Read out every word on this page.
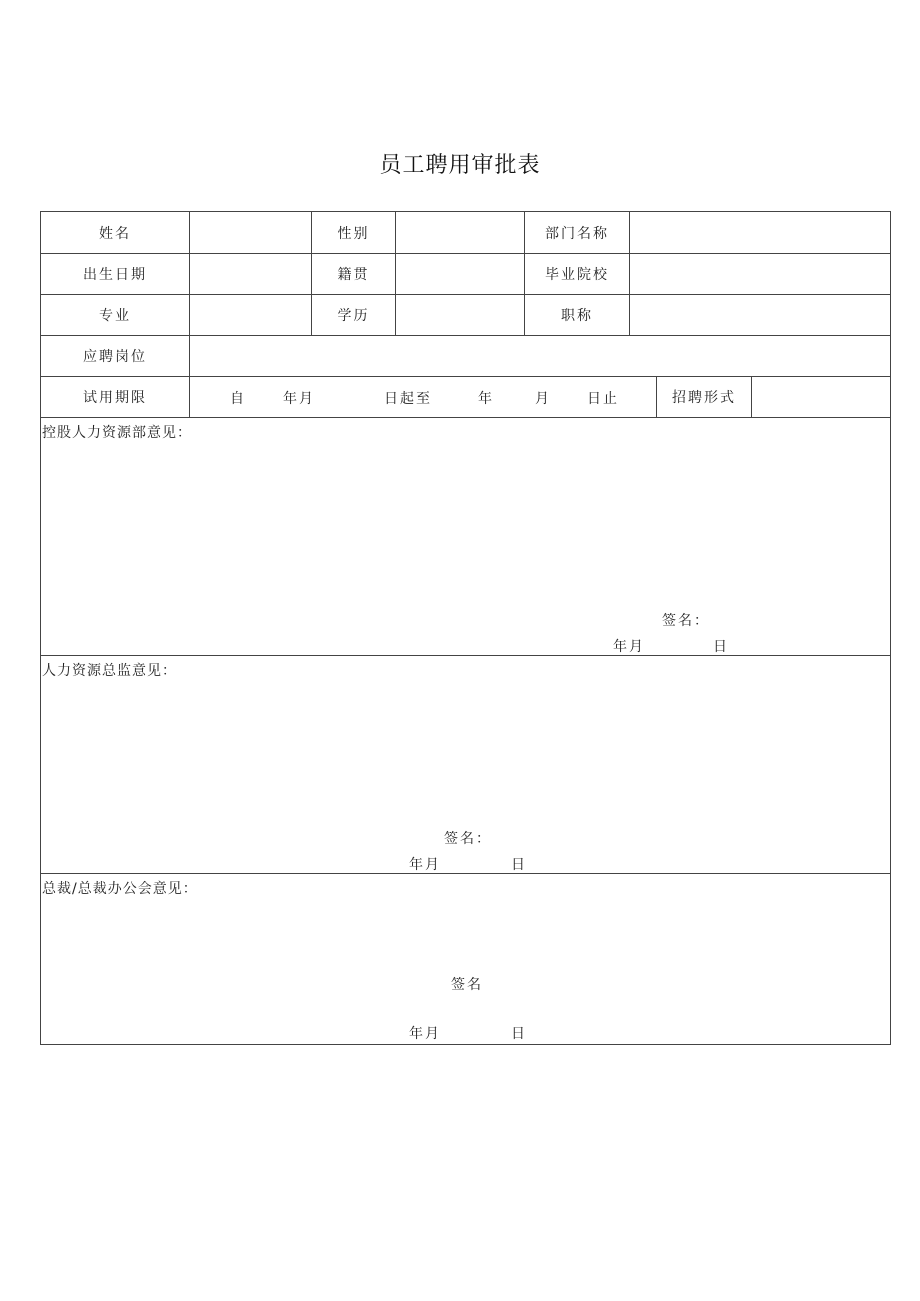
员工聘用审批表
姓名	性别	部门名称
出生日期	籍贯	毕业院校
专业	学历	职称
应聘岗位
试用期限	自	年月	日起至	年	月	日止	招聘形式
控股人力资源部意见：
签名：
年月	日
人力资源总监意见：
签名：
年月	日
总裁/总裁办公会意见：
签名
年月	日
